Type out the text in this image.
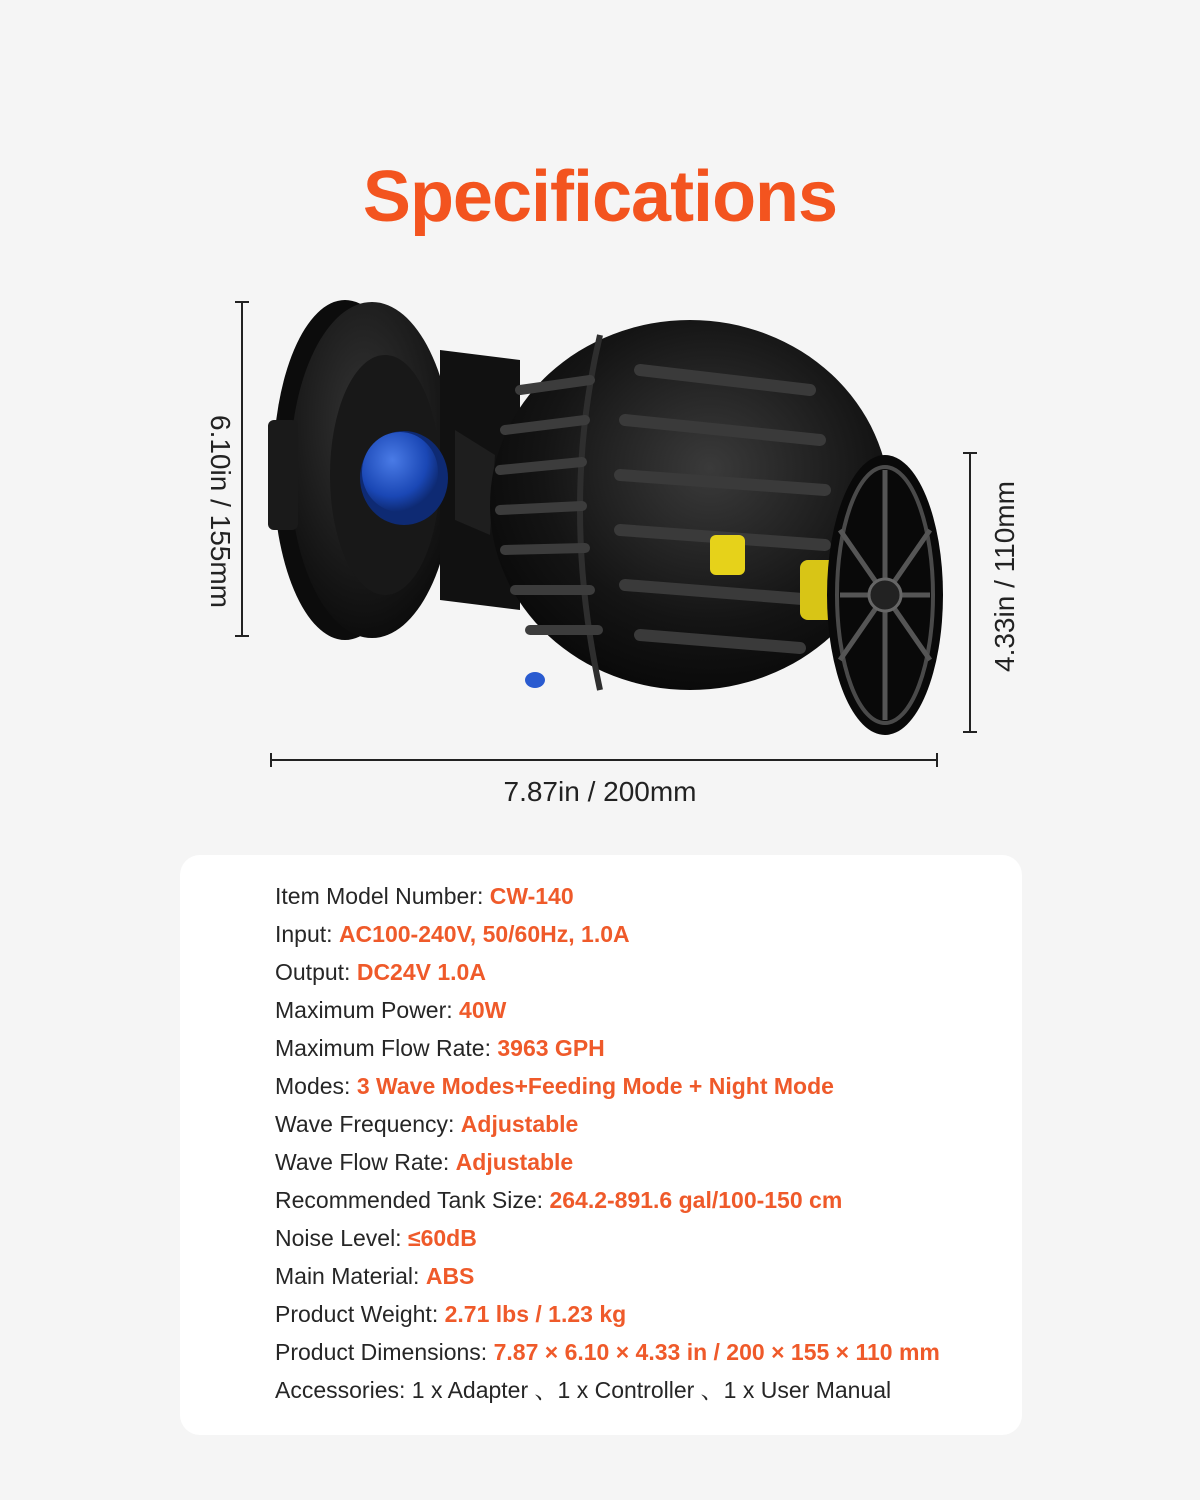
Specifications
6.10in / 155mm	4.33in / 110mm
7.87in / 200mm
Item Model Number: CW-140
Input: AC100-240V, 50/60Hz, 1.0A
Output: DC24V 1.0A
Maximum Power: 40W
Maximum Flow Rate: 3963 GPH
Modes: 3 Wave Modes+Feeding Mode + Night Mode
Wave Frequency: Adjustable
Wave Flow Rate: Adjustable
Recommended Tank Size: 264.2-891.6 gal/100-150 cm
Noise Level: ≤60dB
Main Material: ABS
Product Weight: 2.71 lbs / 1.23 kg
Product Dimensions: 7.87 × 6.10 × 4.33 in / 200 × 155 × 110 mm
Accessories: 1 x Adapter 、1 x Controller 、1 x User Manual
